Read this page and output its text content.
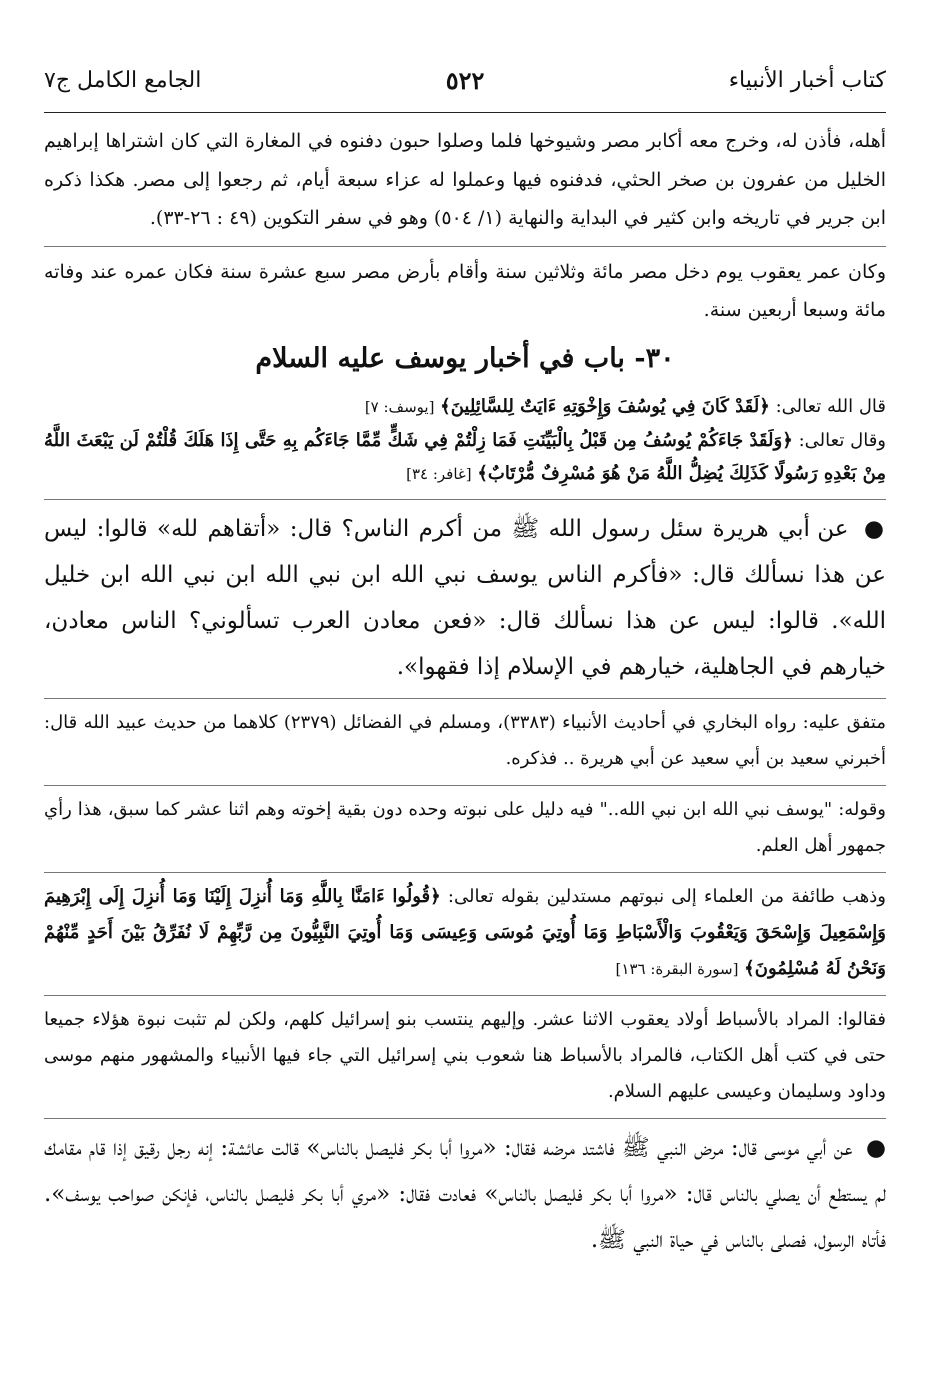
كتاب أخبار الأنبياء
٥٢٢
الجامع الكامل ج٧

أهله، فأذن له، وخرج معه أكابر مصر وشيوخها فلما وصلوا حبون دفنوه في المغارة التي كان اشتراها إبراهيم الخليل من عفرون بن صخر الحثي، فدفنوه فيها وعملوا له عزاء سبعة أيام، ثم رجعوا إلى مصر. هكذا ذكره ابن جرير في تاريخه وابن كثير في البداية والنهاية (١/ ٥٠٤) وهو في سفر التكوين (٤٩ : ٢٦-٣٣).

وكان عمر يعقوب يوم دخل مصر مائة وثلاثين سنة وأقام بأرض مصر سبع عشرة سنة فكان عمره عند وفاته مائة وسبعا أربعين سنة.

٣٠- باب في أخبار يوسف عليه السلام

قال الله تعالى: ﴿لَقَدْ كَانَ فِي يُوسُفَ وَإِخْوَتِهِ ءَايَتٌ لِلسَّائِلِينَ﴾ [يوسف: ٧]

وقال تعالى: ﴿وَلَقَدْ جَاءَكُمْ يُوسُفُ مِن قَبْلُ بِالْبَيِّنَتِ فَمَا زِلْتُمْ فِي شَكٍّ مِّمَّا جَاءَكُم بِهِ حَتَّى إِذَا هَلَكَ قُلْتُمْ لَن يَبْعَثَ اللَّهُ مِنْ بَعْدِهِ رَسُولًا كَذَلِكَ يُضِلُّ اللَّهُ مَنْ هُوَ مُسْرِفٌ مُّرْتَابٌ﴾ [غافر: ٣٤]

● عن أبي هريرة سئل رسول الله ﷺ من أكرم الناس؟ قال: «أتقاهم لله» قالوا: ليس عن هذا نسألك قال: «فأكرم الناس يوسف نبي الله ابن نبي الله ابن نبي الله ابن خليل الله». قالوا: ليس عن هذا نسألك قال: «فعن معادن العرب تسألوني؟ الناس معادن، خيارهم في الجاهلية، خيارهم في الإسلام إذا فقهوا».

متفق عليه: رواه البخاري في أحاديث الأنبياء (٣٣٨٣)، ومسلم في الفضائل (٢٣٧٩) كلاهما من حديث عبيد الله قال: أخبرني سعيد بن أبي سعيد عن أبي هريرة .. فذكره.

وقوله: "يوسف نبي الله ابن نبي الله.." فيه دليل على نبوته وحده دون بقية إخوته وهم اثنا عشر كما سبق، هذا رأي جمهور أهل العلم.

وذهب طائفة من العلماء إلى نبوتهم مستدلين بقوله تعالى: ﴿قُولُوا ءَامَنَّا بِاللَّهِ وَمَا أُنزِلَ إِلَيْنَا وَمَا أُنزِلَ إِلَى إِبْرَهِيمَ وَإِسْمَعِيلَ وَإِسْحَقَ وَيَعْقُوبَ وَالْأَسْبَاطِ وَمَا أُوتِيَ مُوسَى وَعِيسَى وَمَا أُوتِيَ النَّبِيُّونَ مِن رَّبِّهِمْ لَا نُفَرِّقُ بَيْنَ أَحَدٍ مِّنْهُمْ وَنَحْنُ لَهُ مُسْلِمُونَ﴾ [سورة البقرة: ١٣٦]

فقالوا: المراد بالأسباط أولاد يعقوب الاثنا عشر. وإليهم ينتسب بنو إسرائيل كلهم، ولكن لم تثبت نبوة هؤلاء جميعا حتى في كتب أهل الكتاب، فالمراد بالأسباط هنا شعوب بني إسرائيل التي جاء فيها الأنبياء والمشهور منهم موسى وداود وسليمان وعيسى عليهم السلام.

● عن أبي موسى قال: مرض النبي ﷺ فاشتد مرضه فقال: «مروا أبا بكر فليصل بالناس» قالت عائشة: إنه رجل رقيق إذا قام مقامك لم يستطع أن يصلي بالناس قال: «مروا أبا بكر فليصل بالناس» فعادت فقال: «مري أبا بكر فليصل بالناس، فإنكن صواحب يوسف». فأتاه الرسول، فصلى بالناس في حياة النبي ﷺ.
